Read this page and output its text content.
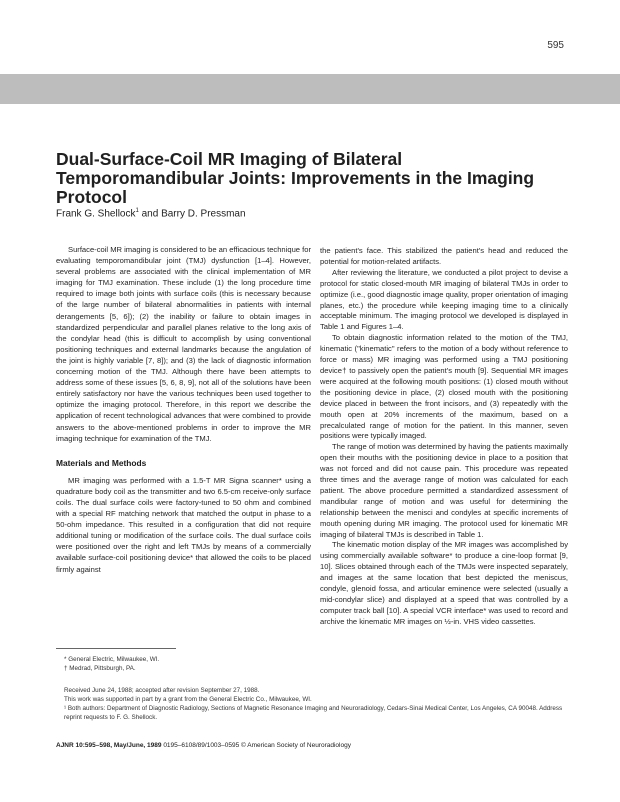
595
Dual-Surface-Coil MR Imaging of Bilateral
Temporomandibular Joints: Improvements in the Imaging
Protocol
Frank G. Shellock$^1$ and Barry D. Pressman

Surface-coil MR imaging is considered to be an efficacious technique for evaluating temporomandibular joint (TMJ) dysfunction [1–4]. However, several problems are associated with the clinical implementation of MR imaging for TMJ examination. These include (1) the long procedure time required to image both joints with surface coils (this is necessary because of the large number of bilateral abnormalities in patients with internal derangements [5, 6]); (2) the inability or failure to obtain images in standardized perpendicular and parallel planes relative to the long axis of the condylar head (this is difficult to accomplish by using conventional positioning techniques and external landmarks because the angulation of the joint is highly variable [7, 8]); and (3) the lack of diagnostic information concerning motion of the TMJ. Although there have been attempts to address some of these issues [5, 6, 8, 9], not all of the solutions have been entirely satisfactory nor have the various techniques been used together to optimize the imaging protocol. Therefore, in this report we describe the application of recent technological advances that were combined to provide answers to the above-mentioned problems in order to improve the MR imaging technique for examination of the TMJ.

Materials and Methods

MR imaging was performed with a 1.5-T MR Signa scanner* using a quadrature body coil as the transmitter and two 6.5-cm receive-only surface coils. The dual surface coils were factory-tuned to 50 ohm and combined with a special RF matching network that matched the output in phase to a 50-ohm impedance. This resulted in a configuration that did not require additional tuning or modification of the surface coils. The dual surface coils were positioned over the right and left TMJs by means of a commercially available surface-coil positioning device* that allowed the coils to be placed firmly against

the patient's face. This stabilized the patient's head and reduced the potential for motion-related artifacts.

After reviewing the literature, we conducted a pilot project to devise a protocol for static closed-mouth MR imaging of bilateral TMJs in order to optimize (i.e., good diagnostic image quality, proper orientation of imaging planes, etc.) the procedure while keeping imaging time to a clinically acceptable minimum. The imaging protocol we developed is displayed in Table 1 and Figures 1–4.

To obtain diagnostic information related to the motion of the TMJ, kinematic ("kinematic" refers to the motion of a body without reference to force or mass) MR imaging was performed using a TMJ positioning device† to passively open the patient's mouth [9]. Sequential MR images were acquired at the following mouth positions: (1) closed mouth without the positioning device in place, (2) closed mouth with the positioning device placed in between the front incisors, and (3) repeatedly with the mouth open at 20% increments of the maximum, based on a precalculated range of motion for the patient. In this manner, seven positions were typically imaged.

The range of motion was determined by having the patients maximally open their mouths with the positioning device in place to a position that was not forced and did not cause pain. This procedure was repeated three times and the average range of motion was calculated for each patient. The above procedure permitted a standardized assessment of mandibular range of motion and was useful for determining the relationship between the menisci and condyles at specific increments of mouth opening during MR imaging. The protocol used for kinematic MR imaging of bilateral TMJs is described in Table 1.

The kinematic motion display of the MR images was accomplished by using commercially available software* to produce a cine-loop format [9, 10]. Slices obtained through each of the TMJs were inspected separately, and images at the same location that best depicted the meniscus, condyle, glenoid fossa, and articular eminence were selected (usually a mid-condylar slice) and displayed at a speed that was controlled by a computer track ball [10]. A special VCR interface* was used to record and archive the kinematic MR images on ½-in. VHS video cassettes.

* General Electric, Milwaukee, WI.
† Medrad, Pittsburgh, PA.
Received June 24, 1988; accepted after revision September 27, 1988.
This work was supported in part by a grant from the General Electric Co., Milwaukee, WI.
¹ Both authors: Department of Diagnostic Radiology, Sections of Magnetic Resonance Imaging and Neuroradiology, Cedars-Sinai Medical Center, Los Angeles, CA 90048. Address reprint requests to F. G. Shellock.
AJNR 10:595–598, May/June, 1989 0195–6108/89/1003–0595 © American Society of Neuroradiology
